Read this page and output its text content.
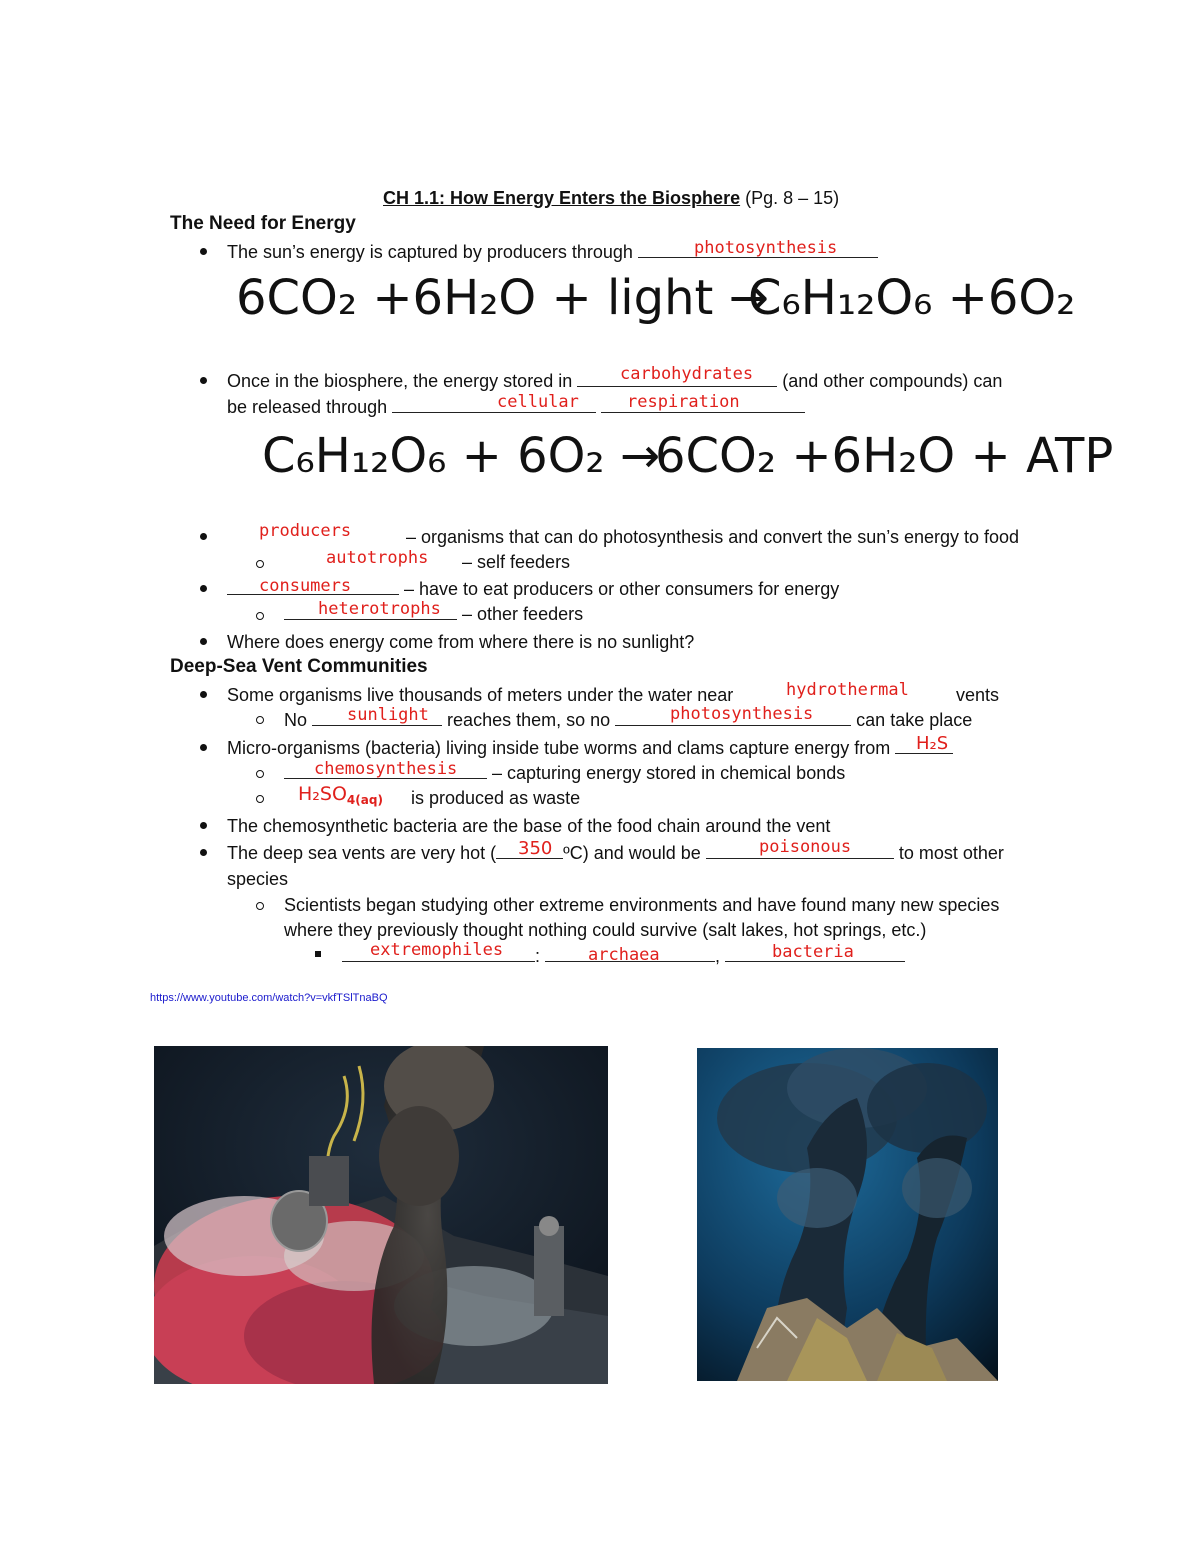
CH 1.1: How Energy Enters the Biosphere (Pg. 8 – 15)
The Need for Energy
The sun’s energy is captured by producers through	photosynthesis
6CO₂ +6H₂O + light →
C₆H₁₂O₆ +6O₂
Once in the biosphere, the energy stored in	(and other compounds) can
carbohydrates
be released through	cellular	respiration
C₆H₁₂O₆ + 6O₂ →
6CO₂ +6H₂O + ATP
producers	– organisms that can do photosynthesis and convert the sun’s energy to food
autotrophs – self feeders
– have to eat producers or other consumers for energy
consumers
– other feeders
heterotrophs
Where does energy come from where there is no sunlight?
Deep-Sea Vent Communities
Some organisms live thousands of meters under the water near	hydrothermal	vents
No	reaches them, so no	can take place
sunlight	photosynthesis
Micro-organisms (bacteria) living inside tube worms and clams capture energy from	H₂S
– capturing energy stored in chemical bonds
chemosynthesis
$H_2SO_{4(aq)}$ is produced as waste
The chemosynthetic bacteria are the base of the food chain around the vent
The deep sea vents are very hot (	ºC) and would be	to most other
350	poisonous
species
Scientists began studying other extreme environments and have found many new species
where they previously thought nothing could survive (salt lakes, hot springs, etc.)
:	,
extremophiles	archaea	bacteria
https://www.youtube.com/watch?v=vkfTSlTnaBQ
